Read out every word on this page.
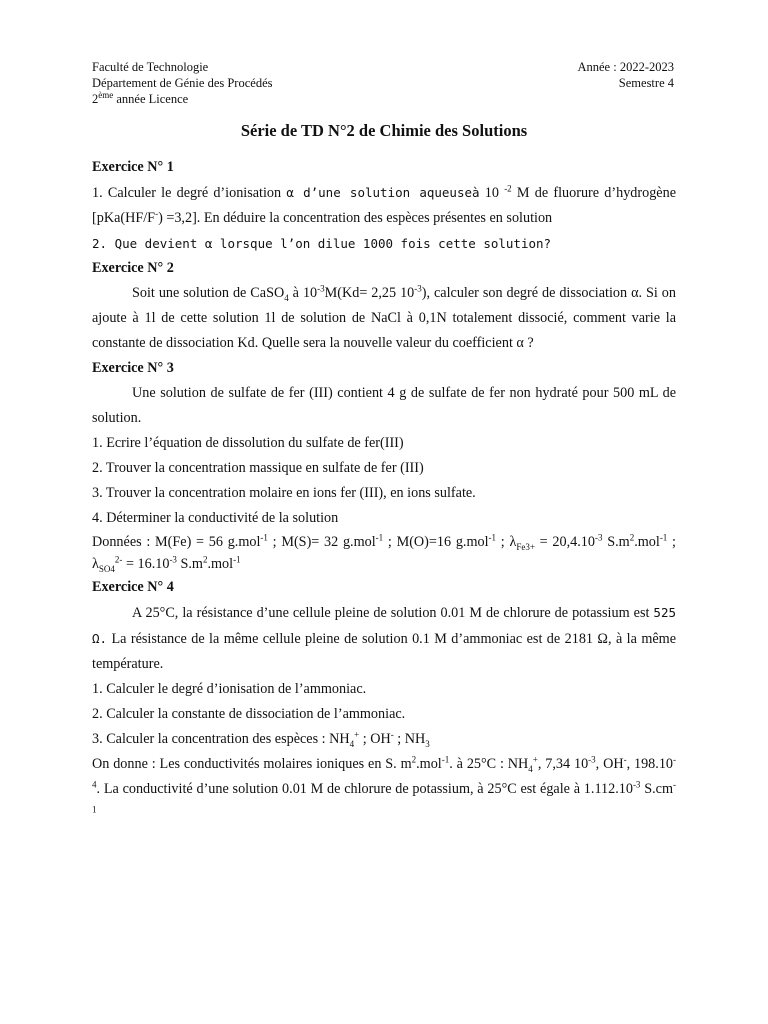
Faculté de Technologie
Département de Génie des Procédés
2ème année Licence
Année : 2022-2023
Semestre 4
Série de TD N°2 de Chimie des Solutions

Exercice N° 1

1. Calculer le degré d’ionisation α d’une solution aqueuseà 10 $^{-2}$ M de fluorure d’hydrogène [pKa(HF/F-) =3,2]. En déduire la concentration des espèces présentes en solution

2. Que devient α lorsque l’on dilue 1000 fois cette solution?

Exercice N° 2

Soit une solution de CaSO$_4$ à $10^{-3}M(Kd= 2,25$ $10^{-3}$), calculer son degré de dissociation α. Si on ajoute à 1l de cette solution 1l de solution de NaCl à 0,1N totalement dissocié, comment varie la constante de dissociation Kd. Quelle sera la nouvelle valeur du coefficient α ?

Exercice N° 3

Une solution de sulfate de fer (III) contient 4 g de sulfate de fer non hydraté pour 500 mL de solution.

1. Ecrire l’équation de dissolution du sulfate de fer(III)

2. Trouver la concentration massique en sulfate de fer (III)

3. Trouver la concentration molaire en ions fer (III), en ions sulfate.

4. Déterminer la conductivité de la solution

Données : M(Fe) = 56 g.mol$^{-1}$ ; M(S)= 32 g.mol$^{-1}$ ; M(O)=16 g.mol$^{-1}$ ; $\lambda_{Fe3+} = 20,4.10^{-3}$ $S.m^2.mol^{-1}$ ; $\lambda_{SO4}^{2-} = 16.10^{-3}$ $S.m^2.mol^{-1}$

Exercice N° 4

A 25°C, la résistance d’une cellule pleine de solution 0.01 M de chlorure de potassium est 525 Ω. La résistance de la même cellule pleine de solution 0.1 M d’ammoniac est de 2181 Ω, à la même température.

1. Calculer le degré d’ionisation de l’ammoniac.

2. Calculer la constante de dissociation de l’ammoniac.

3. Calculer la concentration des espèces : $NH_4^+$ ; OH- ; $NH_3$

On donne : Les conductivités molaires ioniques en S. $m^2.mol^{-1}$. à 25°C : $NH_4^+$, 7,34 $10^{-3}$, OH-, $198.10^{-4}$. La conductivité d’une solution 0.01 M de chlorure de potassium, à 25°C est égale à $1.112.10^{-3}$ $S.cm^{-1}$
